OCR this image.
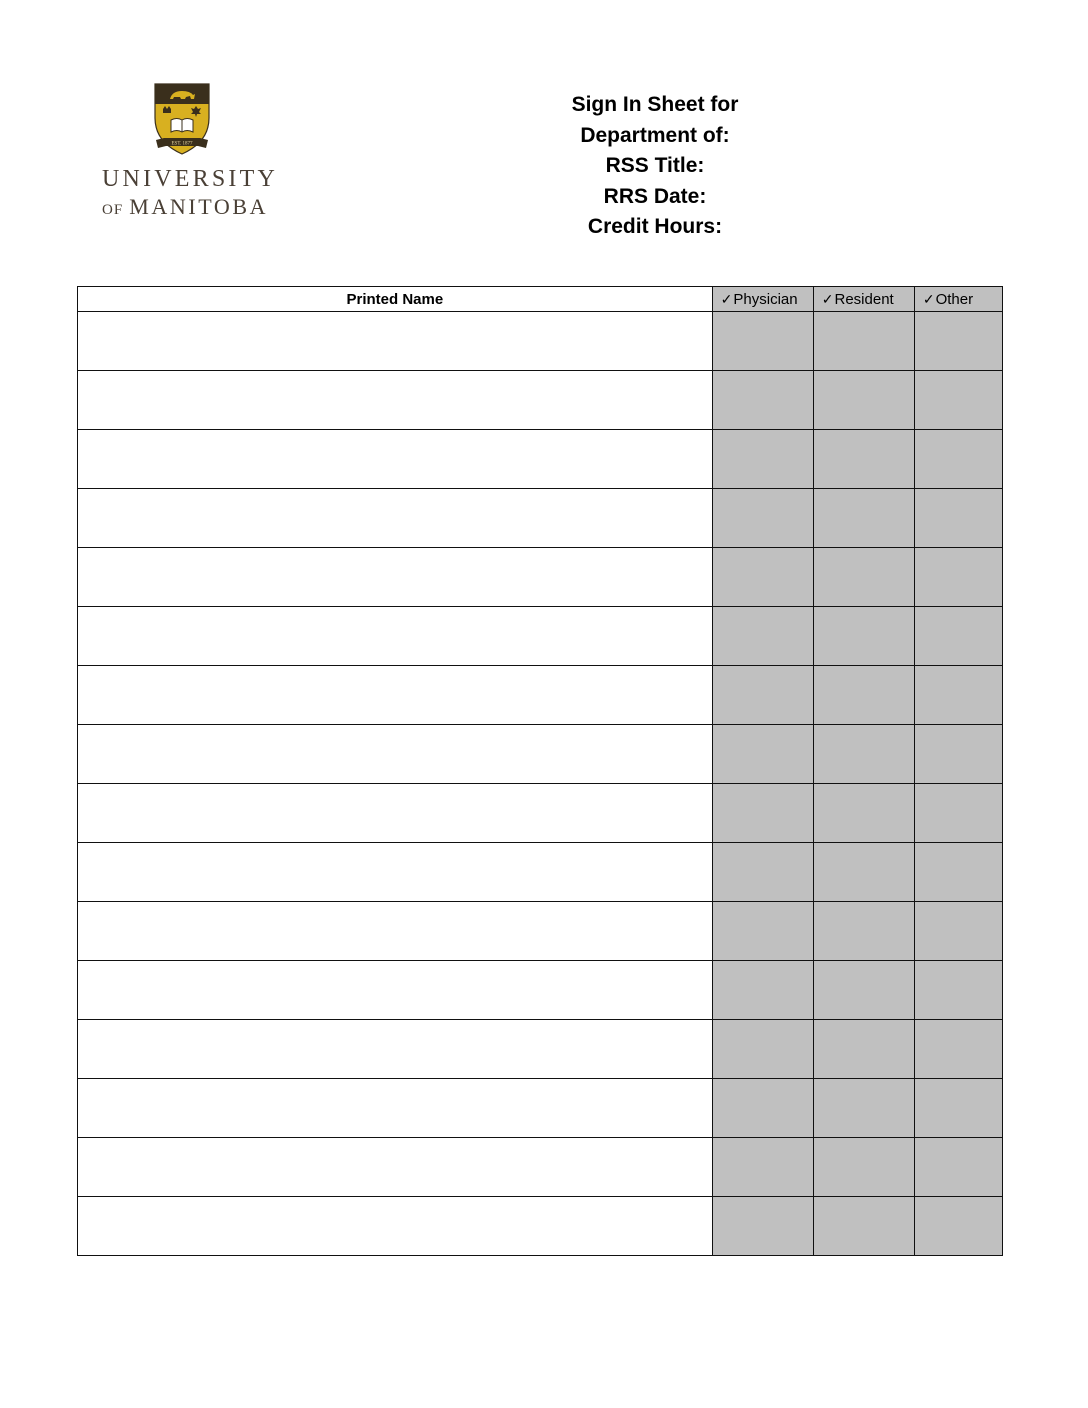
EST. 1877
UNIVERSITY
OF MANITOBA
Sign In Sheet for
Department of:
RSS Title:
RRS Date:
Credit Hours:
Printed Name	✓Physician	✓Resident	✓Other
